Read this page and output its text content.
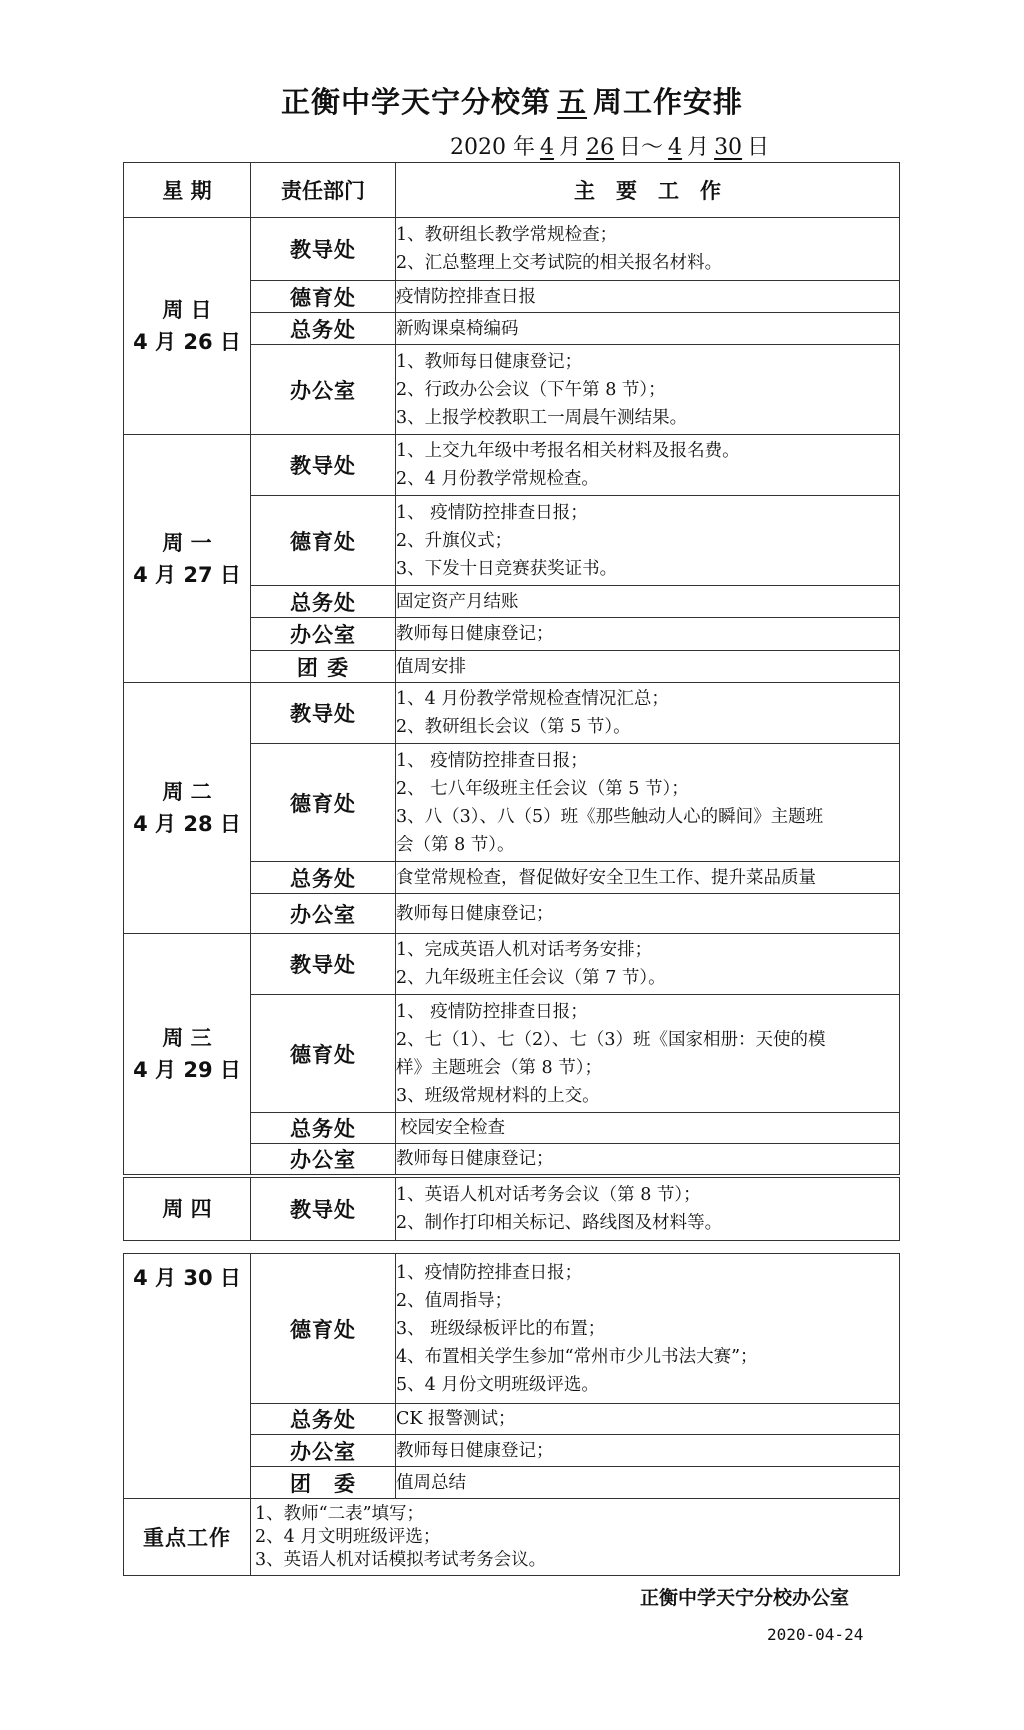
正衡中学天宁分校第 五 周工作安排
2020 年 4 月 26 日～ 4 月 30 日
星 期	责任部门	主　要　工　作
周 日
4 月 26 日	教导处	1、教研组长教学常规检查；
2、汇总整理上交考试院的相关报名材料。

	德育处	疫情防控排查日报

	总务处	新购课桌椅编码

	办公室	1、教师每日健康登记；
2、行政办公会议（下午第 8 节）；
3、上报学校教职工一周晨午测结果。

周 一
4 月 27 日	教导处	1、上交九年级中考报名相关材料及报名费。
2、4 月份教学常规检查。

	德育处	1、 疫情防控排查日报；
2、升旗仪式；
3、下发十日竞赛获奖证书。

	总务处	固定资产月结账

	办公室	教师每日健康登记；

	团 委	值周安排

周 二
4 月 28 日	教导处	1、4 月份教学常规检查情况汇总；
2、教研组长会议（第 5 节）。

	德育处	1、 疫情防控排查日报；
2、 七八年级班主任会议（第 5 节）；
3、八（3）、八（5）班《那些触动人心的瞬间》主题班
会（第 8 节）。

	总务处	食堂常规检查，督促做好安全卫生工作、提升菜品质量

	办公室	教师每日健康登记；

周 三
4 月 29 日	教导处	1、完成英语人机对话考务安排；
2、九年级班主任会议（第 7 节）。

	德育处	1、 疫情防控排查日报；
2、七（1）、七（2）、七（3）班《国家相册：天使的模
样》主题班会（第 8 节）；
3、班级常规材料的上交。

	总务处	校园安全检查

	办公室	教师每日健康登记；
周 四	教导处	
1、英语人机对话考务会议（第 8 节）；
2、制作打印相关标记、路线图及材料等。
4 月 30 日	德育处	1、疫情防控排查日报；
2、值周指导；
3、 班级绿板评比的布置；
4、布置相关学生参加“常州市少儿书法大赛”；
5、4 月份文明班级评选。

	总务处	CK 报警测试；

	办公室	教师每日健康登记；

	团　委	值周总结

重点工作	1、教师“二表”填写；
2、4 月文明班级评选；
3、英语人机对话模拟考试考务会议。	
正衡中学天宁分校办公室
2020-04-24
